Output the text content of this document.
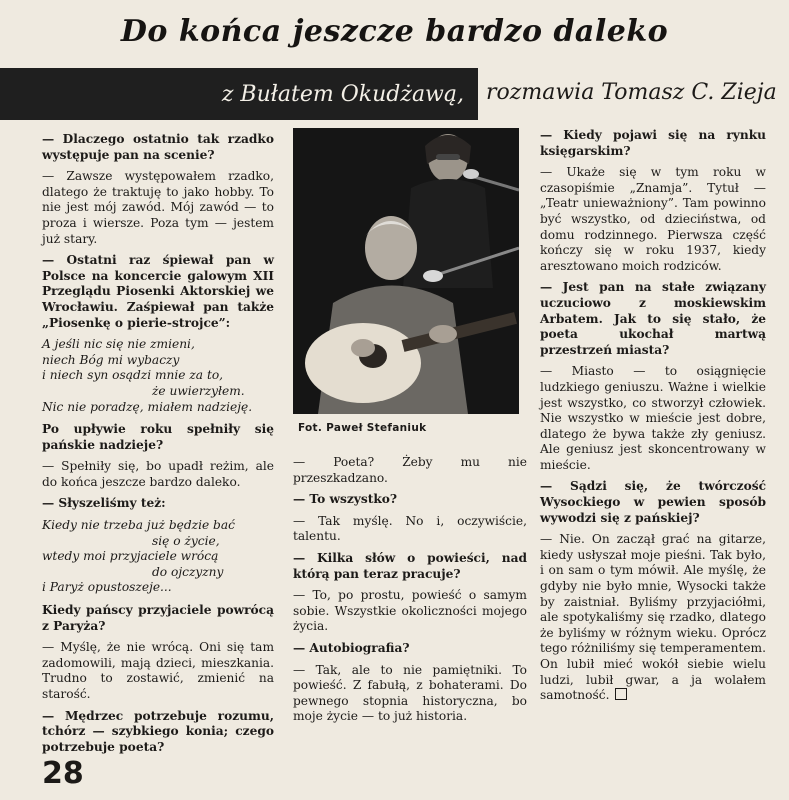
Do końca jeszcze bardzo daleko
z Bułatem Okudżawą, rozmawia Tomasz C. Zieja

— Dlaczego ostatnio tak rzadko występuje pan na scenie?

— Zawsze występowałem rzadko, dlatego że traktuję to jako hobby. To nie jest mój zawód. Mój zawód — to proza i wiersze. Poza tym — jestem już stary.

— Ostatni raz śpiewał pan w Polsce na koncercie galowym XII Przeglądu Piosenki Aktorskiej we Wrocławiu. Zaśpiewał pan także „Piosenkę o pierie-strojce”:

A jeśli nic się nie zmieni,
niech Bóg mi wybaczy
i niech syn osądzi mnie za to,
że uwierzyłem.
Nic nie poradzę, miałem nadzieję.

Po upływie roku spełniły się pańskie nadzieje?

— Spełniły się, bo upadł reżim, ale do końca jeszcze bardzo daleko.

— Słyszeliśmy też:

Kiedy nie trzeba już będzie bać
się o życie,
wtedy moi przyjaciele wrócą
do ojczyzny
i Paryż opustoszeje...

Kiedy pańscy przyjaciele powrócą z Paryża?

— Myślę, że nie wrócą. Oni się tam zadomowili, mają dzieci, mieszkania. Trudno to zostawić, zmienić na starość.

— Mędrzec potrzebuje rozumu, tchórz — szybkiego konia; czego potrzebuje poeta?

Fot. Paweł Stefaniuk

— Poeta? Żeby mu nie przeszkadzano.

— To wszystko?

— Tak myślę. No i, oczywiście, talentu.

— Kilka słów o powieści, nad którą pan teraz pracuje?

— To, po prostu, powieść o samym sobie. Wszystkie okoliczności mojego życia.

— Autobiografia?

— Tak, ale to nie pamiętniki. To powieść. Z fabułą, z bohaterami. Do pewnego stopnia historyczna, bo moje życie — to już historia.

— Kiedy pojawi się na rynku księgarskim?

— Ukaże się w tym roku w czasopiśmie „Znamja”. Tytuł — „Teatr unieważniony”. Tam powinno być wszystko, od dzieciństwa, od domu rodzinnego. Pierwsza część kończy się w roku 1937, kiedy aresztowano moich rodziców.

— Jest pan na stałe związany uczuciowo z moskiewskim Arbatem. Jak to się stało, że poeta ukochał martwą przestrzeń miasta?

— Miasto — to osiągnięcie ludzkiego geniuszu. Ważne i wielkie jest wszystko, co stworzył człowiek. Nie wszystko w mieście jest dobre, dlatego że bywa także zły geniusz. Ale geniusz jest skoncentrowany w mieście.

— Sądzi się, że twórczość Wysockiego w pewien sposób wywodzi się z pańskiej?

— Nie. On zaczął grać na gitarze, kiedy usłyszał moje pieśni. Tak było, i on sam o tym mówił. Ale myślę, że gdyby nie było mnie, Wysocki także by zaistniał. Byliśmy przyjaciółmi, ale spotykaliśmy się rzadko, dlatego że byliśmy w różnym wieku. Oprócz tego różniliśmy się temperamentem. On lubił mieć wokół siebie wielu ludzi, lubił gwar, a ja wolałem samotność.

28
